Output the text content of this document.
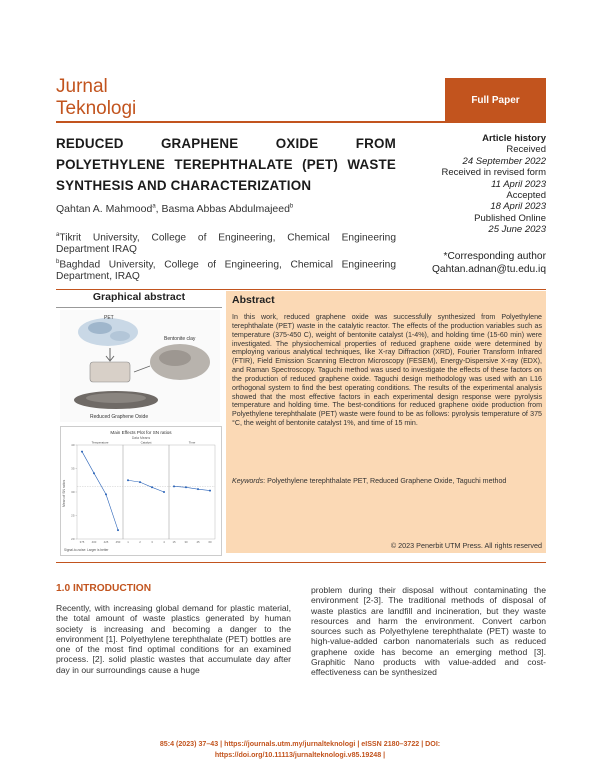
Jurnal
Teknologi	Full Paper
REDUCED GRAPHENE OXIDE FROM POLYETHYLENE TEREPHTHALATE (PET) WASTE SYNTHESIS AND CHARACTERIZATION
Qahtan A. Mahmood$^a$, Basma Abbas Abdulmajeed$^b$
$^a$Tikrit University, College of Engineering, Chemical Engineering Department IRAQ
$^b$Baghdad University, College of Engineering, Chemical Engineering Department, IRAQ
Article history
Received
24 September 2022
Received in revised form
11 April 2023
Accepted
18 April 2023
Published Online
25 June 2023
*Corresponding author
Qahtan.adnan@tu.edu.iq
Graphical abstract
PET
Bentonite clay
Reduced Graphene Oxide
Main Effects Plot for SN ratios
Data Means
Mean of SN ratios
Signal-to-noise: Larger is better
20
25
30
35
40
Temperature
375	400	425	450
Catalyst
1	2	3	4
Time
15	30	45	60
Abstract
In this work, reduced graphene oxide was successfully synthesized from Polyethylene terephthalate (PET) waste in the catalytic reactor. The effects of the production variables such as temperature (375-450 C), weight of bentonite catalyst (1-4%), and holding time (15-60 min) were investigated. The physiochemical properties of reduced graphene oxide were determined by employing various analytical techniques, like X-ray Diffraction (XRD), Fourier Transform Infrared (FTIR), Field Emission Scanning Electron Microscopy (FESEM), Energy-Dispersive X-ray (EDX), and Raman Spectroscopy. Taguchi method was used to investigate the effects of these factors on the production of reduced graphene oxide. Taguchi design methodology was used with an L16 orthogonal system to find the best operating conditions. The results of the experimental analysis showed that the most effective factors in each experimental design response were pyrolysis temperature and holding time. The best-conditions for reduced graphene oxide production from Polyethylene terephthalate (PET) waste were found to be as follows: pyrolysis temperature of 375 °C, the weight of bentonite catalyst 1%, and time of 15 min.
Keywords: Polyethylene terephthalate PET, Reduced Graphene Oxide, Taguchi method
© 2023 Penerbit UTM Press. All rights reserved
1.0 INTRODUCTION
Recently, with increasing global demand for plastic material, the total amount of waste plastics generated by human society is increasing and becoming a danger to the environment [1]. Polyethylene terephthalate (PET) bottles are one of the most find optimal conditions for an examined process. [2]. solid plastic wastes that accumulate day after day in our surroundings cause a huge
problem during their disposal without contaminating the environment [2-3]. The traditional methods of disposal of waste plastics are landfill and incineration, but they waste resources and harm the environment. Convert carbon sources such as Polyethylene terephthalate (PET) waste to high-value-added carbon nanomaterials such as reduced graphene oxide has become an emerging method [3]. Graphitic Nano products with value-added and cost-effectiveness can be synthesized
85:4 (2023) 37–43 | https://journals.utm.my/jurnalteknologi | eISSN 2180–3722 | DOI:
https://doi.org/10.11113/jurnalteknologi.v85.19248 |
